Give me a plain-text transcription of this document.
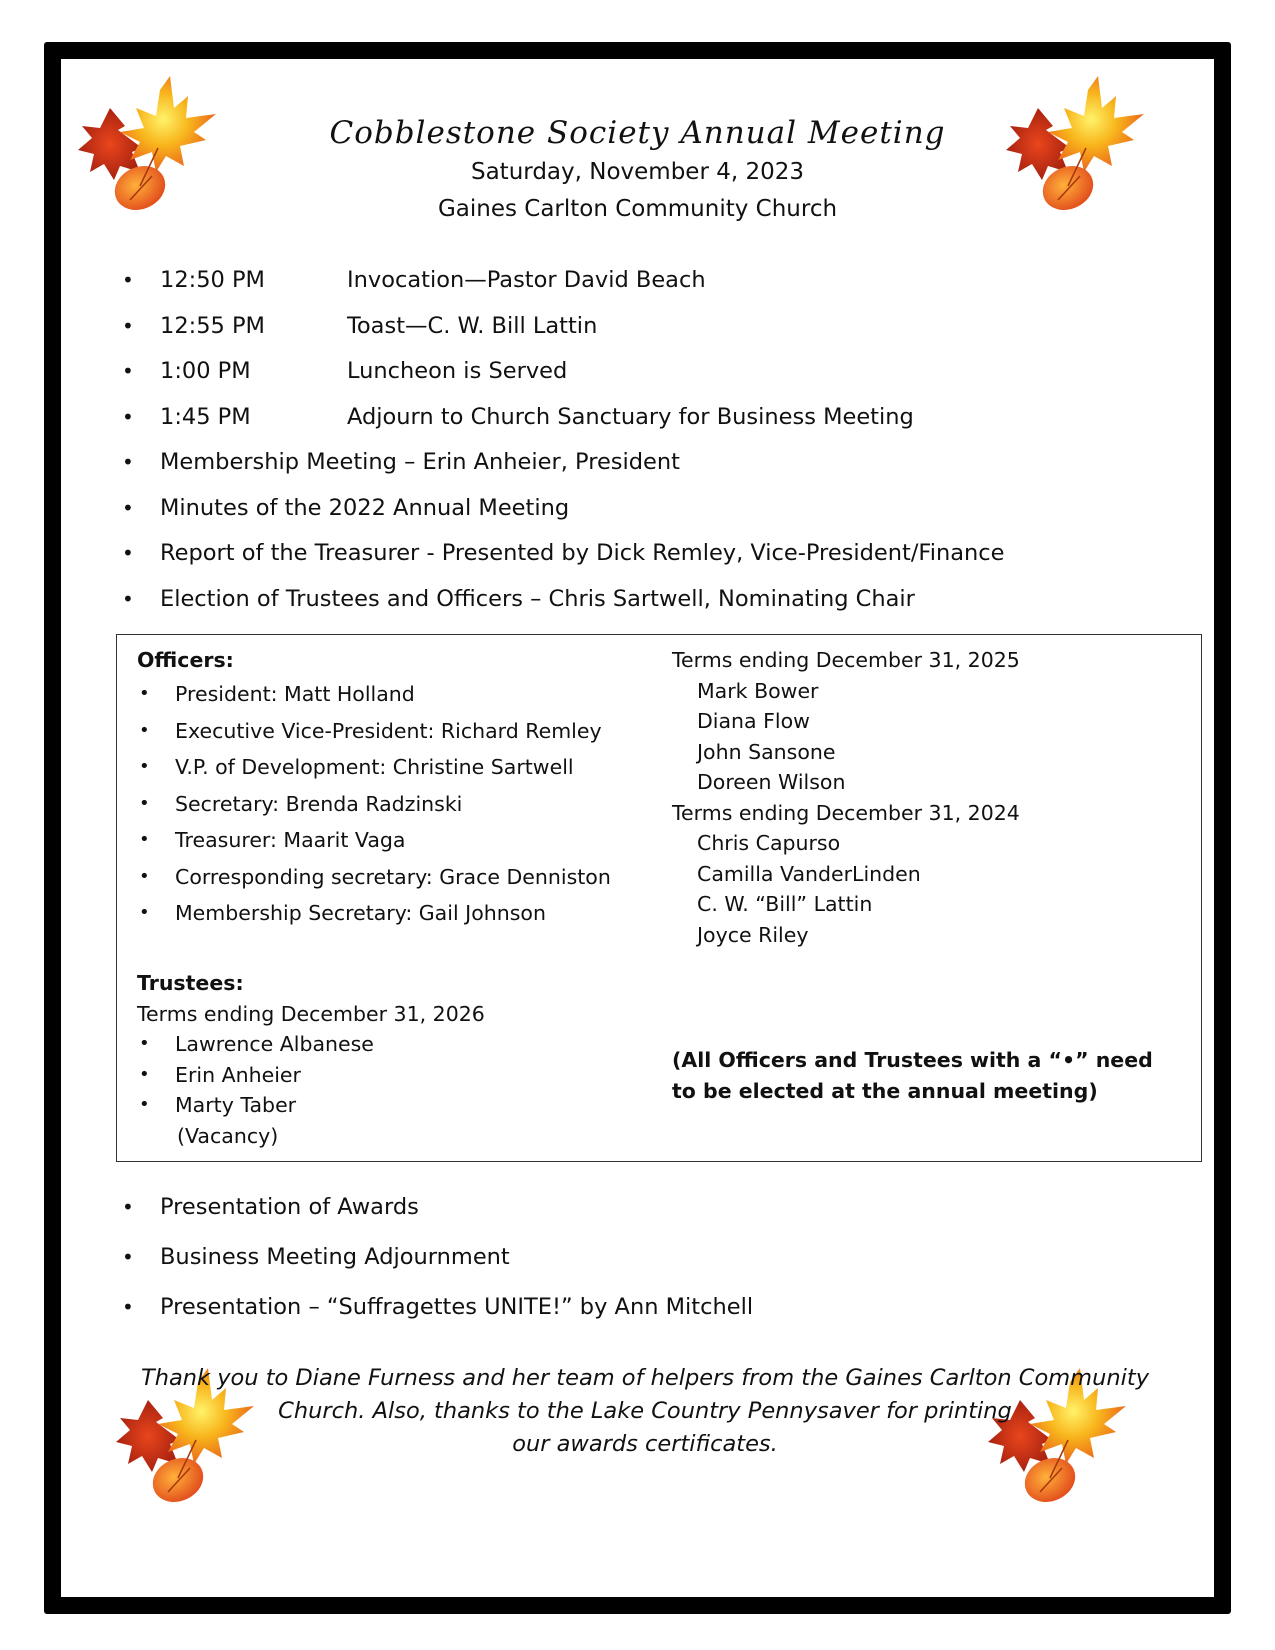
Cobblestone Society Annual Meeting

Saturday, November 4, 2023

Gaines Carlton Community Church

• 12:50 PM	Invocation—Pastor David Beach
• 12:55 PM	Toast—C. W. Bill Lattin
• 1:00 PM	Luncheon is Served
• 1:45 PM	Adjourn to Church Sanctuary for Business Meeting
• Membership Meeting – Erin Anheier, President
• Minutes of the 2022 Annual Meeting
• Report of the Treasurer - Presented by Dick Remley, Vice-President/Finance
• Election of Trustees and Officers – Chris Sartwell, Nominating Chair

Officers:

• President: Matt Holland
• Executive Vice-President: Richard Remley
• V.P. of Development: Christine Sartwell
• Secretary: Brenda Radzinski
• Treasurer: Maarit Vaga
• Corresponding secretary: Grace Denniston
• Membership Secretary: Gail Johnson

Trustees:

Terms ending December 31, 2026

• Lawrence Albanese
• Erin Anheier
• Marty Taber

(Vacancy)

Terms ending December 31, 2025

Mark Bower

Diana Flow

John Sansone

Doreen Wilson

Terms ending December 31, 2024

Chris Capurso

Camilla VanderLinden

C. W. “Bill” Lattin

Joyce Riley

(All Officers and Trustees with a “•” need to be elected at the annual meeting)

• Presentation of Awards
• Business Meeting Adjournment
• Presentation – “Suffragettes UNITE!” by Ann Mitchell

Thank you to Diane Furness and her team of helpers from the Gaines Carlton Community

Church. Also, thanks to the Lake Country Pennysaver for printing

our awards certificates.
